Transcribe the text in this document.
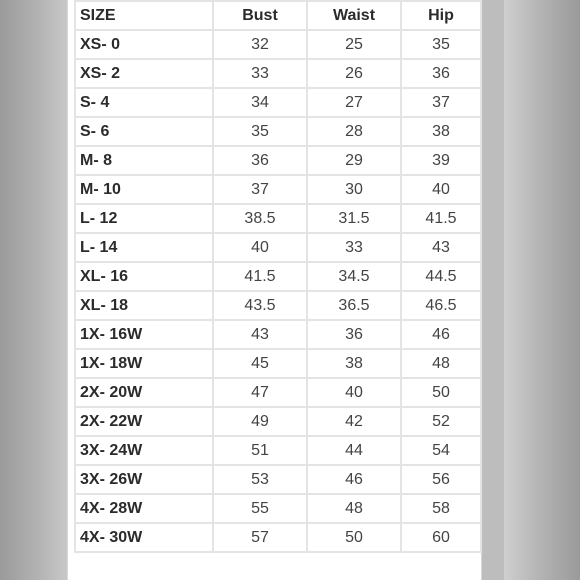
SIZE	Bust	Waist	Hip
XS- 0	32	25	35
XS- 2	33	26	36
S- 4	34	27	37
S- 6	35	28	38
M- 8	36	29	39
M- 10	37	30	40
L- 12	38.5	31.5	41.5
L- 14	40	33	43
XL- 16	41.5	34.5	44.5
XL- 18	43.5	36.5	46.5
1X- 16W	43	36	46
1X- 18W	45	38	48
2X- 20W	47	40	50
2X- 22W	49	42	52
3X- 24W	51	44	54
3X- 26W	53	46	56
4X- 28W	55	48	58
4X- 30W	57	50	60
